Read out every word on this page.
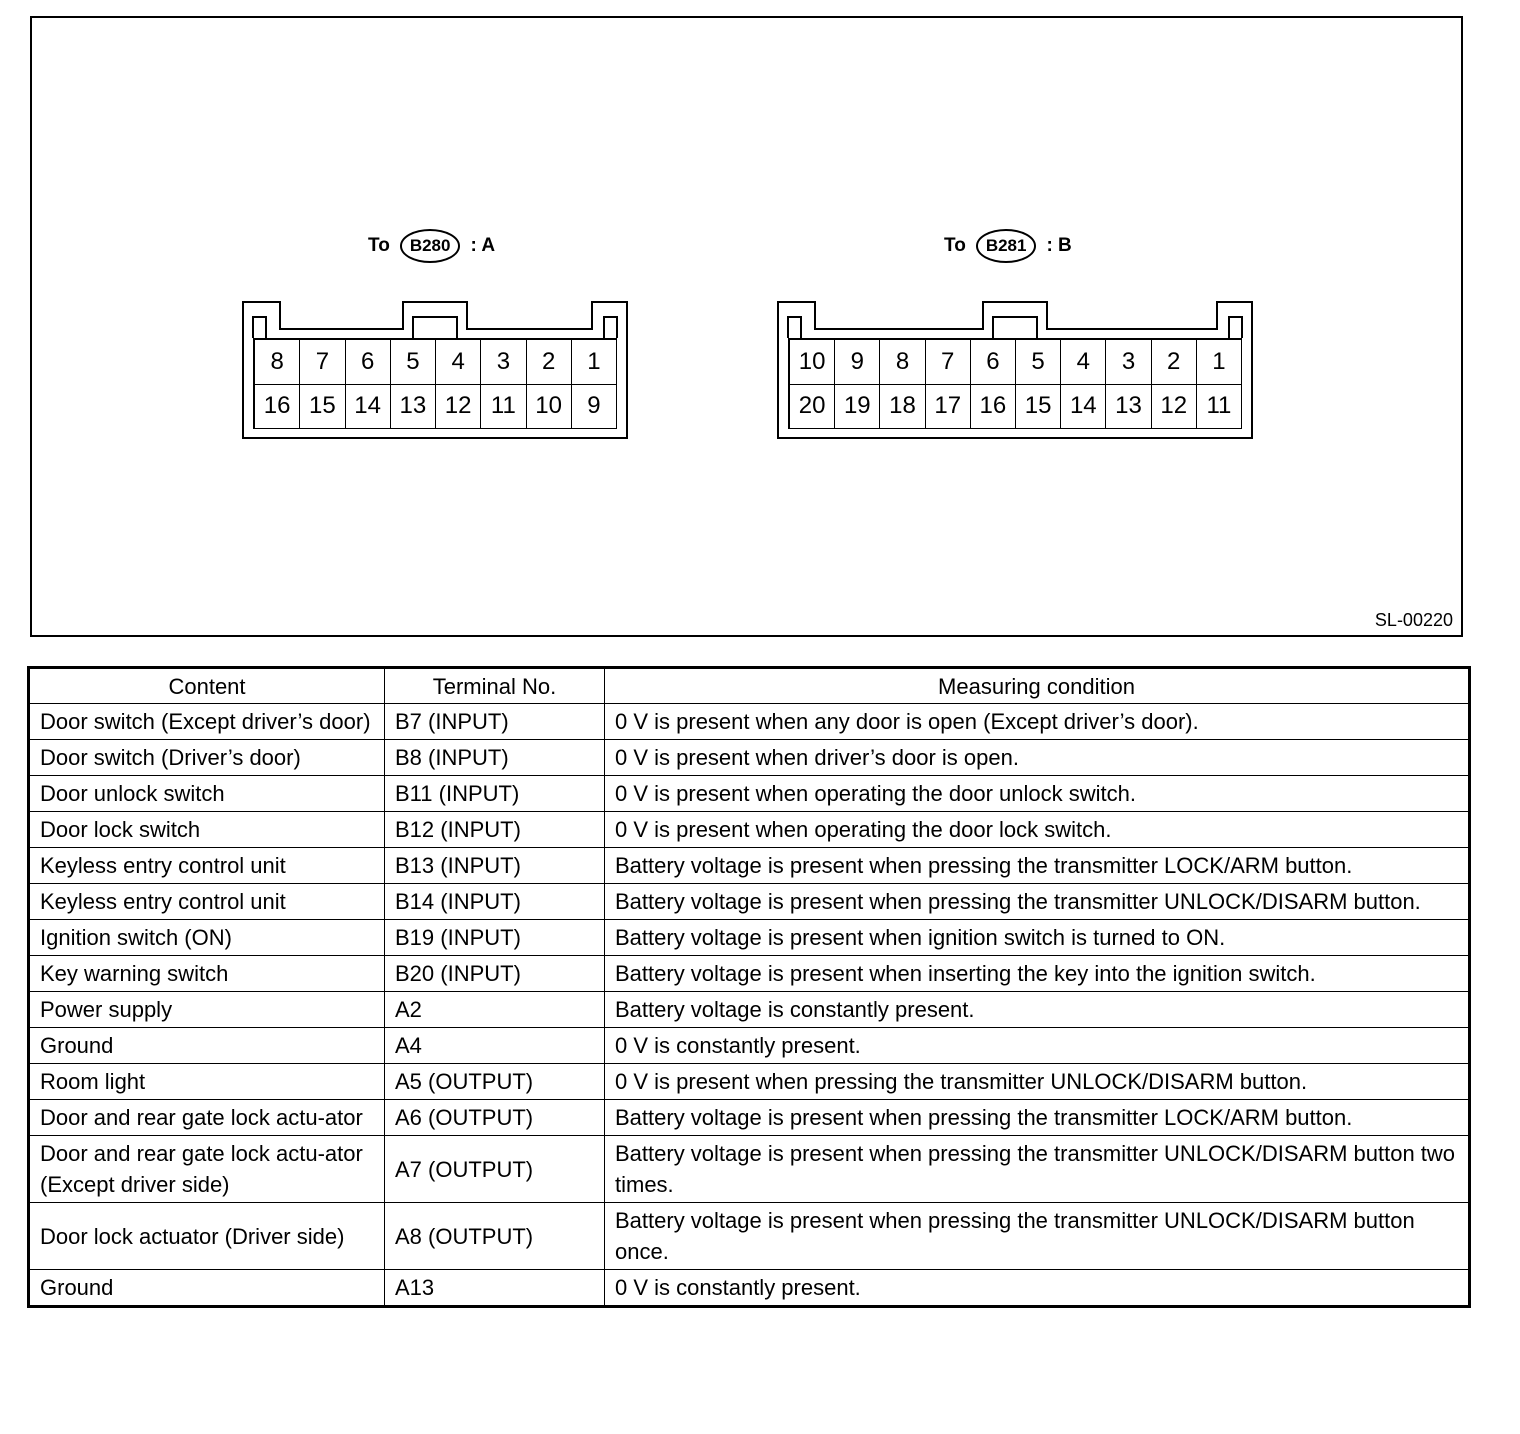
To	B280	: A
8	7	6	5	4	3	2	1
16 15 14 13 12 11 10	9
To	B281	: B
10	9	8	7	6	5	4	3	2	1
20 19 18 17 16 15 14 13 12 11
SL-00220
Content	Terminal No.	Measuring condition
Door switch (Except driver’s door)	B7 (INPUT)	0 V is present when any door is open (Except driver’s door).
Door switch (Driver’s door)	B8 (INPUT)	0 V is present when driver’s door is open.
Door unlock switch	B11 (INPUT)	0 V is present when operating the door unlock switch.
Door lock switch	B12 (INPUT)	0 V is present when operating the door lock switch.
Keyless entry control unit	B13 (INPUT)	Battery voltage is present when pressing the transmitter LOCK/ARM button.
Keyless entry control unit	B14 (INPUT)	Battery voltage is present when pressing the transmitter UNLOCK/DISARM button.
Ignition switch (ON)	B19 (INPUT)	Battery voltage is present when ignition switch is turned to ON.
Key warning switch	B20 (INPUT)	Battery voltage is present when inserting the key into the ignition switch.
Power supply	A2	Battery voltage is constantly present.
Ground	A4	0 V is constantly present.
Room light	A5 (OUTPUT)	0 V is present when pressing the transmitter UNLOCK/DISARM button.
Door and rear gate lock actu-ator	A6 (OUTPUT)	Battery voltage is present when pressing the transmitter LOCK/ARM button.
Door and rear gate lock actu-ator (Except driver side)	A7 (OUTPUT)	Battery voltage is present when pressing the transmitter UNLOCK/DISARM button two times.
Door lock actuator (Driver side)	A8 (OUTPUT)	Battery voltage is present when pressing the transmitter UNLOCK/DISARM button once.
Ground	A13	0 V is constantly present.
